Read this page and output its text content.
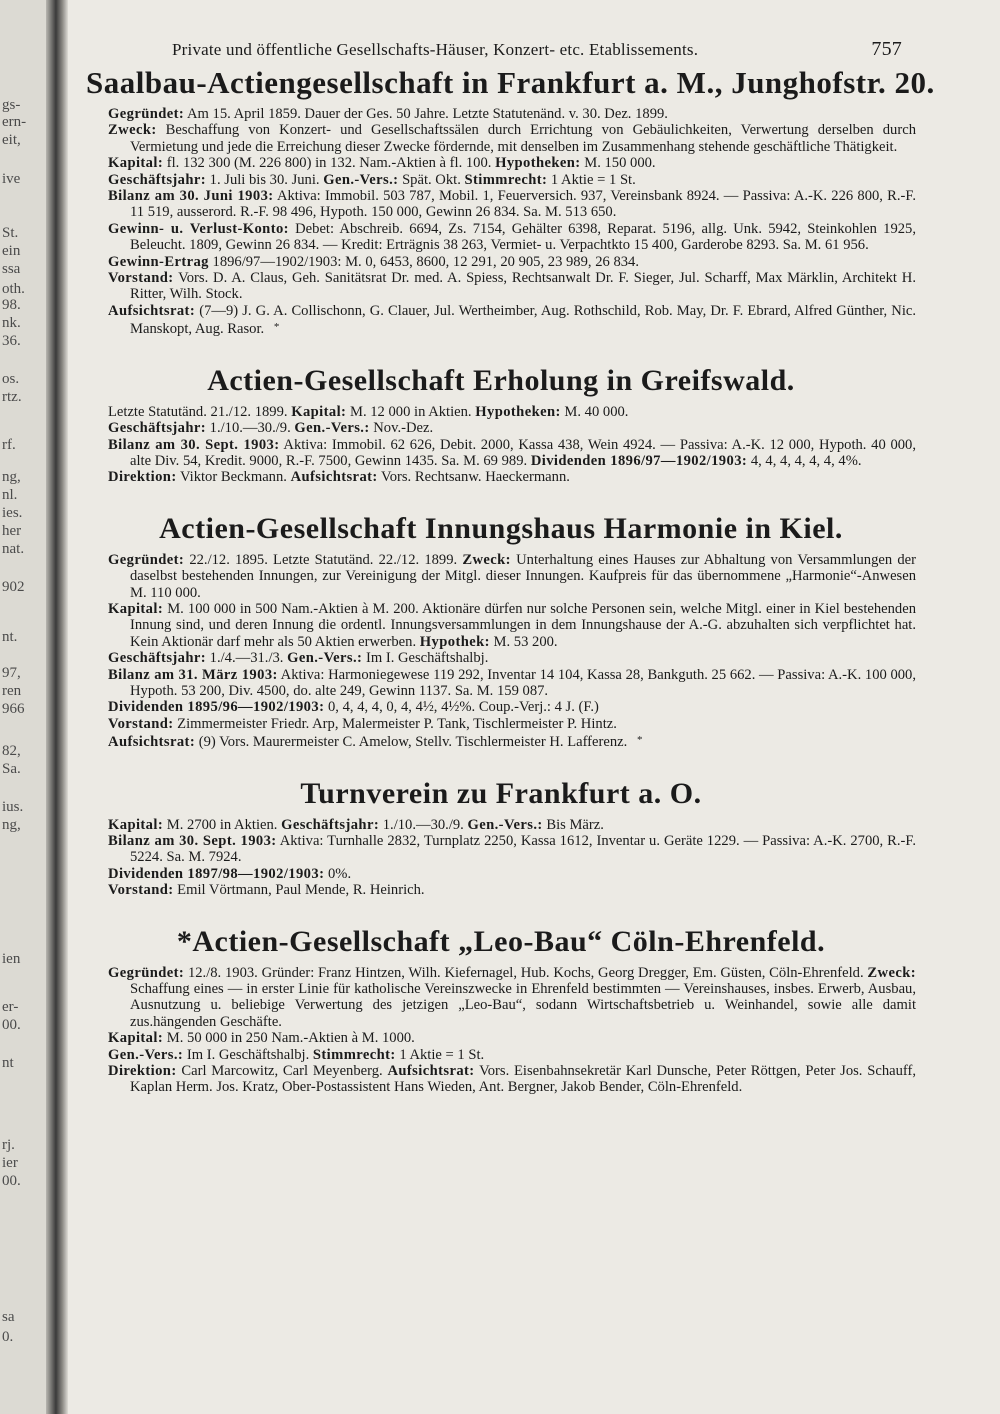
gs-
ern-
eit,
ive
St.
ein
ssa
oth.
98.
nk.
36.
os.
rtz.
rf.
ng,
nl.
ies.
her
nat.
902
nt.
97,
ren
966
82,
Sa.
ius.
ng,
ien
er-
00.
nt
rj.
ier
00.
sa
0.
Private und öffentliche Gesellschafts-Häuser, Konzert- etc. Etablissements.	757
Saalbau-Actiengesellschaft in Frankfurt a. M., Junghofstr. 20.

Gegründet: Am 15. April 1859. Dauer der Ges. 50 Jahre. Letzte Statutenänd. v. 30. Dez. 1899.

Zweck: Beschaffung von Konzert- und Gesellschaftssälen durch Errichtung von Gebäulichkeiten, Verwertung derselben durch Vermietung und jede die Erreichung dieser Zwecke fördernde, mit denselben im Zusammenhang stehende geschäftliche Thätigkeit.

Kapital: fl. 132 300 (M. 226 800) in 132. Nam.-Aktien à fl. 100. Hypotheken: M. 150 000.

Geschäftsjahr: 1. Juli bis 30. Juni. Gen.-Vers.: Spät. Okt. Stimmrecht: 1 Aktie = 1 St.

Bilanz am 30. Juni 1903: Aktiva: Immobil. 503 787, Mobil. 1, Feuerversich. 937, Vereinsbank 8924. — Passiva: A.-K. 226 800, R.-F. 11 519, ausserord. R.-F. 98 496, Hypoth. 150 000, Gewinn 26 834. Sa. M. 513 650.

Gewinn- u. Verlust-Konto: Debet: Abschreib. 6694, Zs. 7154, Gehälter 6398, Reparat. 5196, allg. Unk. 5942, Steinkohlen 1925, Beleucht. 1809, Gewinn 26 834. — Kredit: Erträgnis 38 263, Vermiet- u. Verpachtkto 15 400, Garderobe 8293. Sa. M. 61 956.

Gewinn-Ertrag 1896/97—1902/1903: M. 0, 6453, 8600, 12 291, 20 905, 23 989, 26 834.

Vorstand: Vors. D. A. Claus, Geh. Sanitätsrat Dr. med. A. Spiess, Rechtsanwalt Dr. F. Sieger, Jul. Scharff, Max Märklin, Architekt H. Ritter, Wilh. Stock.

Aufsichtsrat: (7—9) J. G. A. Collischonn, G. Clauer, Jul. Wertheimber, Aug. Rothschild, Rob. May, Dr. F. Ebrard, Alfred Günther, Nic. Manskopt, Aug. Rasor. *

Actien-Gesellschaft Erholung in Greifswald.

Letzte Statutänd. 21./12. 1899. Kapital: M. 12 000 in Aktien. Hypotheken: M. 40 000.

Geschäftsjahr: 1./10.—30./9. Gen.-Vers.: Nov.-Dez.

Bilanz am 30. Sept. 1903: Aktiva: Immobil. 62 626, Debit. 2000, Kassa 438, Wein 4924. — Passiva: A.-K. 12 000, Hypoth. 40 000, alte Div. 54, Kredit. 9000, R.-F. 7500, Gewinn 1435. Sa. M. 69 989. Dividenden 1896/97—1902/1903: 4, 4, 4, 4, 4, 4, 4%.

Direktion: Viktor Beckmann. Aufsichtsrat: Vors. Rechtsanw. Haeckermann.

Actien-Gesellschaft Innungshaus Harmonie in Kiel.

Gegründet: 22./12. 1895. Letzte Statutänd. 22./12. 1899. Zweck: Unterhaltung eines Hauses zur Abhaltung von Versammlungen der daselbst bestehenden Innungen, zur Vereinigung der Mitgl. dieser Innungen. Kaufpreis für das übernommene „Harmonie“-Anwesen M. 110 000.

Kapital: M. 100 000 in 500 Nam.-Aktien à M. 200. Aktionäre dürfen nur solche Personen sein, welche Mitgl. einer in Kiel bestehenden Innung sind, und deren Innung die ordentl. Innungsversammlungen in dem Innungshause der A.-G. abzuhalten sich verpflichtet hat. Kein Aktionär darf mehr als 50 Aktien erwerben. Hypothek: M. 53 200.

Geschäftsjahr: 1./4.—31./3. Gen.-Vers.: Im I. Geschäftshalbj.

Bilanz am 31. März 1903: Aktiva: Harmoniegewese 119 292, Inventar 14 104, Kassa 28, Bankguth. 25 662. — Passiva: A.-K. 100 000, Hypoth. 53 200, Div. 4500, do. alte 249, Gewinn 1137. Sa. M. 159 087.

Dividenden 1895/96—1902/1903: 0, 4, 4, 4, 0, 4, 4½, 4½%. Coup.-Verj.: 4 J. (F.)

Vorstand: Zimmermeister Friedr. Arp, Malermeister P. Tank, Tischlermeister P. Hintz.

Aufsichtsrat: (9) Vors. Maurermeister C. Amelow, Stellv. Tischlermeister H. Lafferenz. *

Turnverein zu Frankfurt a. O.

Kapital: M. 2700 in Aktien. Geschäftsjahr: 1./10.—30./9. Gen.-Vers.: Bis März.

Bilanz am 30. Sept. 1903: Aktiva: Turnhalle 2832, Turnplatz 2250, Kassa 1612, Inventar u. Geräte 1229. — Passiva: A.-K. 2700, R.-F. 5224. Sa. M. 7924.

Dividenden 1897/98—1902/1903: 0%.

Vorstand: Emil Vörtmann, Paul Mende, R. Heinrich.

*Actien-Gesellschaft „Leo-Bau“ Cöln-Ehrenfeld.

Gegründet: 12./8. 1903. Gründer: Franz Hintzen, Wilh. Kiefernagel, Hub. Kochs, Georg Dregger, Em. Güsten, Cöln-Ehrenfeld. Zweck: Schaffung eines — in erster Linie für katholische Vereinszwecke in Ehrenfeld bestimmten — Vereinshauses, insbes. Erwerb, Ausbau, Ausnutzung u. beliebige Verwertung des jetzigen „Leo-Bau“, sodann Wirtschaftsbetrieb u. Weinhandel, sowie alle damit zus.hängenden Geschäfte.

Kapital: M. 50 000 in 250 Nam.-Aktien à M. 1000.

Gen.-Vers.: Im I. Geschäftshalbj. Stimmrecht: 1 Aktie = 1 St.

Direktion: Carl Marcowitz, Carl Meyenberg. Aufsichtsrat: Vors. Eisenbahnsekretär Karl Dunsche, Peter Röttgen, Peter Jos. Schauff, Kaplan Herm. Jos. Kratz, Ober-Postassistent Hans Wieden, Ant. Bergner, Jakob Bender, Cöln-Ehrenfeld.
